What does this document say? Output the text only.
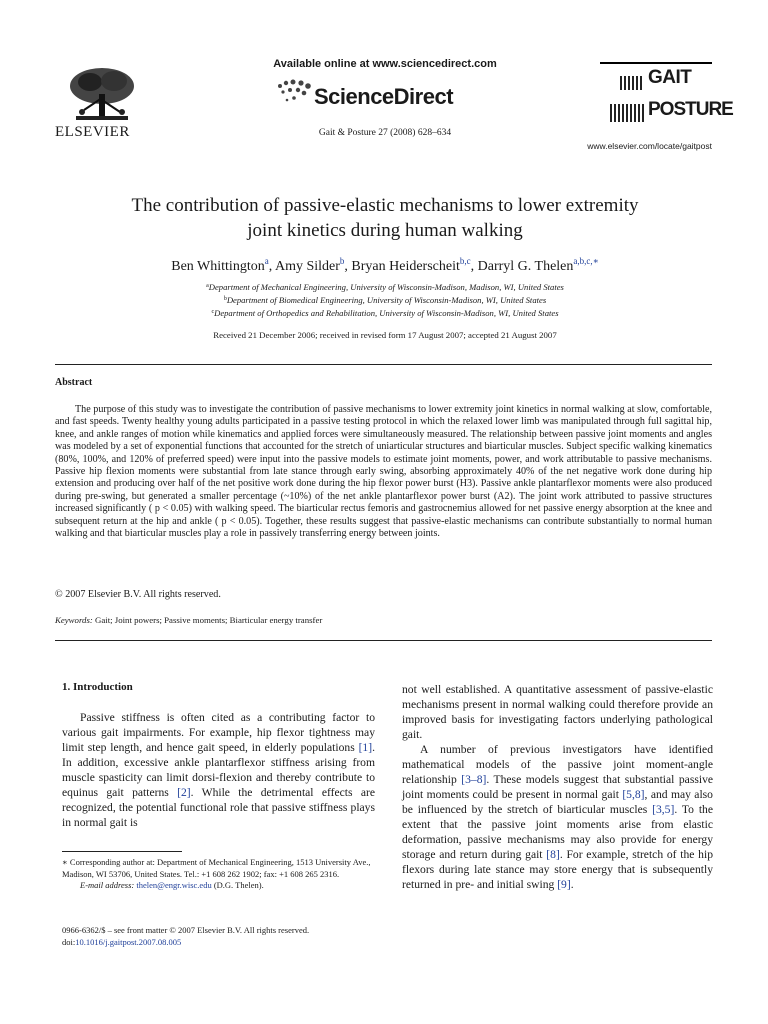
ELSEVIER
Available online at www.sciencedirect.com
ScienceDirect
Gait & Posture 27 (2008) 628–634
GAIT
POSTURE
www.elsevier.com/locate/gaitpost
The contribution of passive-elastic mechanisms to lower extremity
joint kinetics during human walking
Ben Whittington$^a$, Amy Silder$^b$, Bryan Heiderscheit$^{b,c}$, Darryl G. Thelen$^{a,b,c,∗}$
$^a$Department of Mechanical Engineering, University of Wisconsin-Madison, Madison, WI, United States
$^b$Department of Biomedical Engineering, University of Wisconsin-Madison, WI, United States
$^c$Department of Orthopedics and Rehabilitation, University of Wisconsin-Madison, WI, United States
Received 21 December 2006; received in revised form 17 August 2007; accepted 21 August 2007
Abstract
The purpose of this study was to investigate the contribution of passive mechanisms to lower extremity joint kinetics in normal walking at slow, comfortable, and fast speeds. Twenty healthy young adults participated in a passive testing protocol in which the relaxed lower limb was manipulated through full sagittal hip, knee, and ankle ranges of motion while kinematics and applied forces were simultaneously measured. The relationship between passive joint moments and angles was modeled by a set of exponential functions that accounted for the stretch of uniarticular structures and biarticular muscles. Subject specific walking kinematics (80%, 100%, and 120% of preferred speed) were input into the passive models to estimate joint moments, power, and work attributable to passive mechanisms. Passive hip flexion moments were substantial from late stance through early swing, absorbing approximately 40% of the net negative work done during hip extension and producing over half of the net positive work done during the hip flexor power burst (H3). Passive ankle plantarflexor moments were also produced during pre-swing, but generated a smaller percentage (~10%) of the net ankle plantarflexor power burst (A2). The joint work attributed to passive structures increased significantly ( p < 0.05) with walking speed. The biarticular rectus femoris and gastrocnemius allowed for net passive energy absorption at the knee and subsequent return at the hip and ankle ( p < 0.05). Together, these results suggest that passive-elastic mechanisms can contribute substantially to normal human walking and that biarticular muscles play a role in passively transferring energy between joints.
© 2007 Elsevier B.V. All rights reserved.
Keywords: Gait; Joint powers; Passive moments; Biarticular energy transfer
1. Introduction
Passive stiffness is often cited as a contributing factor to various gait impairments. For example, hip flexor tightness may limit step length, and hence gait speed, in elderly populations [1]. In addition, excessive ankle plantarflexor stiffness arising from muscle spasticity can limit dorsi-flexion and thereby contribute to equinus gait patterns [2]. While the detrimental effects are recognized, the potential functional role that passive stiffness plays in normal gait is
∗ Corresponding author at: Department of Mechanical Engineering, 1513 University Ave., Madison, WI 53706, United States. Tel.: +1 608 262 1902; fax: +1 608 265 2316.
E-mail address: thelen@engr.wisc.edu (D.G. Thelen).
0966-6362/$ – see front matter © 2007 Elsevier B.V. All rights reserved.
doi:10.1016/j.gaitpost.2007.08.005

not well established. A quantitative assessment of passive-elastic mechanisms present in normal walking could therefore provide an improved basis for investigating factors underlying pathological gait.

A number of previous investigators have identified mathematical models of the passive joint moment-angle relationship [3–8]. These models suggest that substantial passive joint moments could be present in normal gait [5,8], and may also be influenced by the stretch of biarticular muscles [3,5]. To the extent that the passive joint moments arise from elastic deformation, passive mechanisms may also provide for energy storage and return during gait [8]. For example, stretch of the hip flexors during late stance may store energy that is subsequently returned in pre- and initial swing [9].
